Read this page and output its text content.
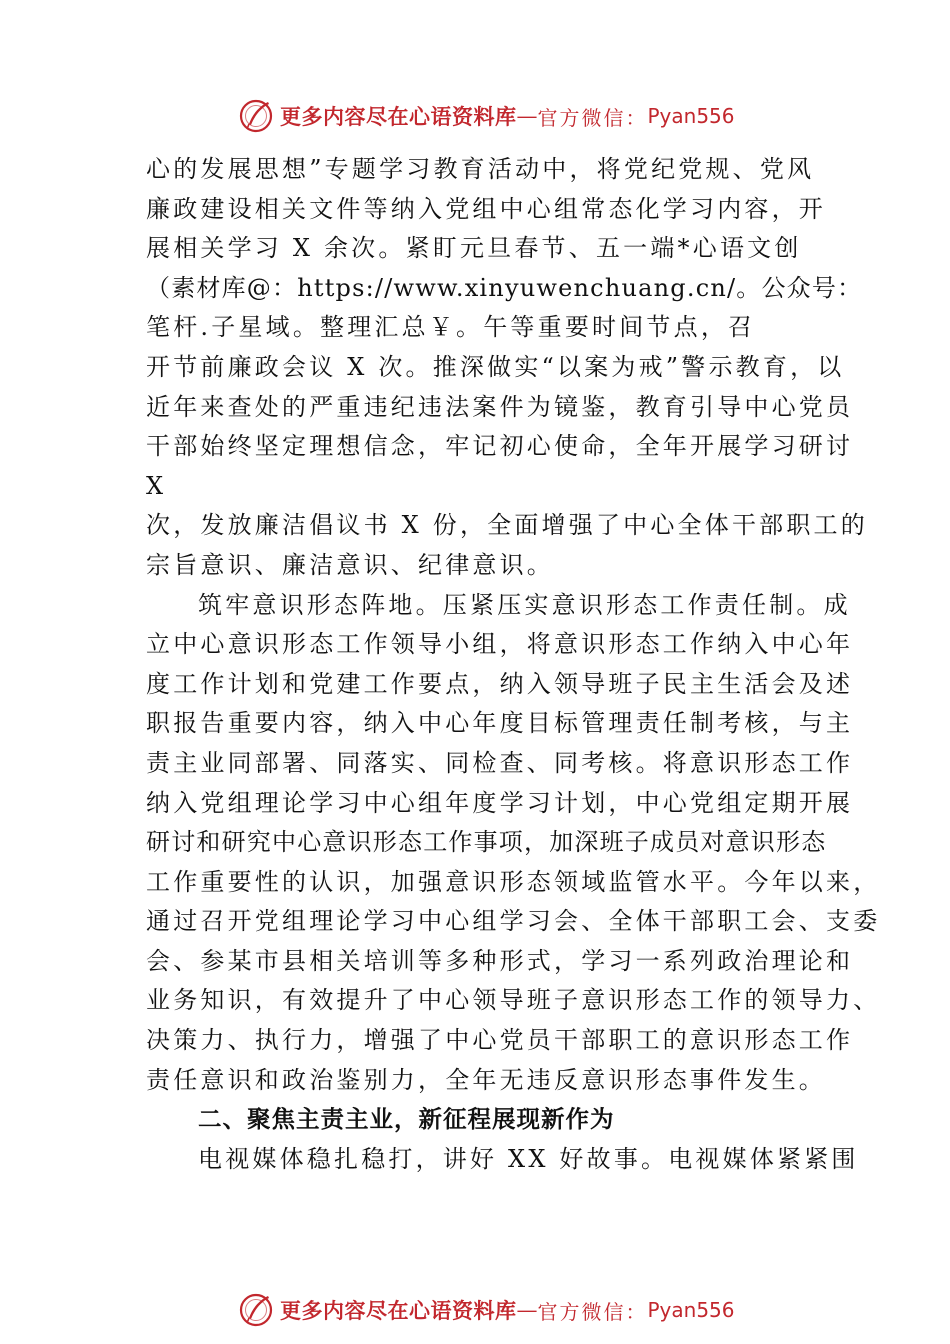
更多内容尽在心语资料库 — 官方微信： Pyan556
心的发展思想”专题学习教育活动中，将党纪党规、党风
廉政建设相关文件等纳入党组中心组常态化学习内容，开
展相关学习 X 余次。紧盯元旦春节、五一端*心语文创
（素材库@：https://www.xinyuwenchuang.cn/。公众号：
笔杆.子星域。整理汇总￥。午等重要时间节点，召
开节前廉政会议 X 次。推深做实“以案为戒”警示教育，以
近年来查处的严重违纪违法案件为镜鉴，教育引导中心党员
干部始终坚定理想信念，牢记初心使命，全年开展学习研讨
X
次，发放廉洁倡议书 X 份，全面增强了中心全体干部职工的
宗旨意识、廉洁意识、纪律意识。
筑牢意识形态阵地。压紧压实意识形态工作责任制。成
立中心意识形态工作领导小组，将意识形态工作纳入中心年
度工作计划和党建工作要点，纳入领导班子民主生活会及述
职报告重要内容，纳入中心年度目标管理责任制考核，与主
责主业同部署、同落实、同检查、同考核。将意识形态工作
纳入党组理论学习中心组年度学习计划，中心党组定期开展
研讨和研究中心意识形态工作事项，加深班子成员对意识形态
工作重要性的认识，加强意识形态领域监管水平。今年以来，
通过召开党组理论学习中心组学习会、全体干部职工会、支委
会、参某市县相关培训等多种形式，学习一系列政治理论和
业务知识，有效提升了中心领导班子意识形态工作的领导力、
决策力、执行力，增强了中心党员干部职工的意识形态工作
责任意识和政治鉴别力，全年无违反意识形态事件发生。
二、聚焦主责主业，新征程展现新作为
电视媒体稳扎稳打，讲好 XX 好故事。电视媒体紧紧围
更多内容尽在心语资料库 — 官方微信： Pyan556
